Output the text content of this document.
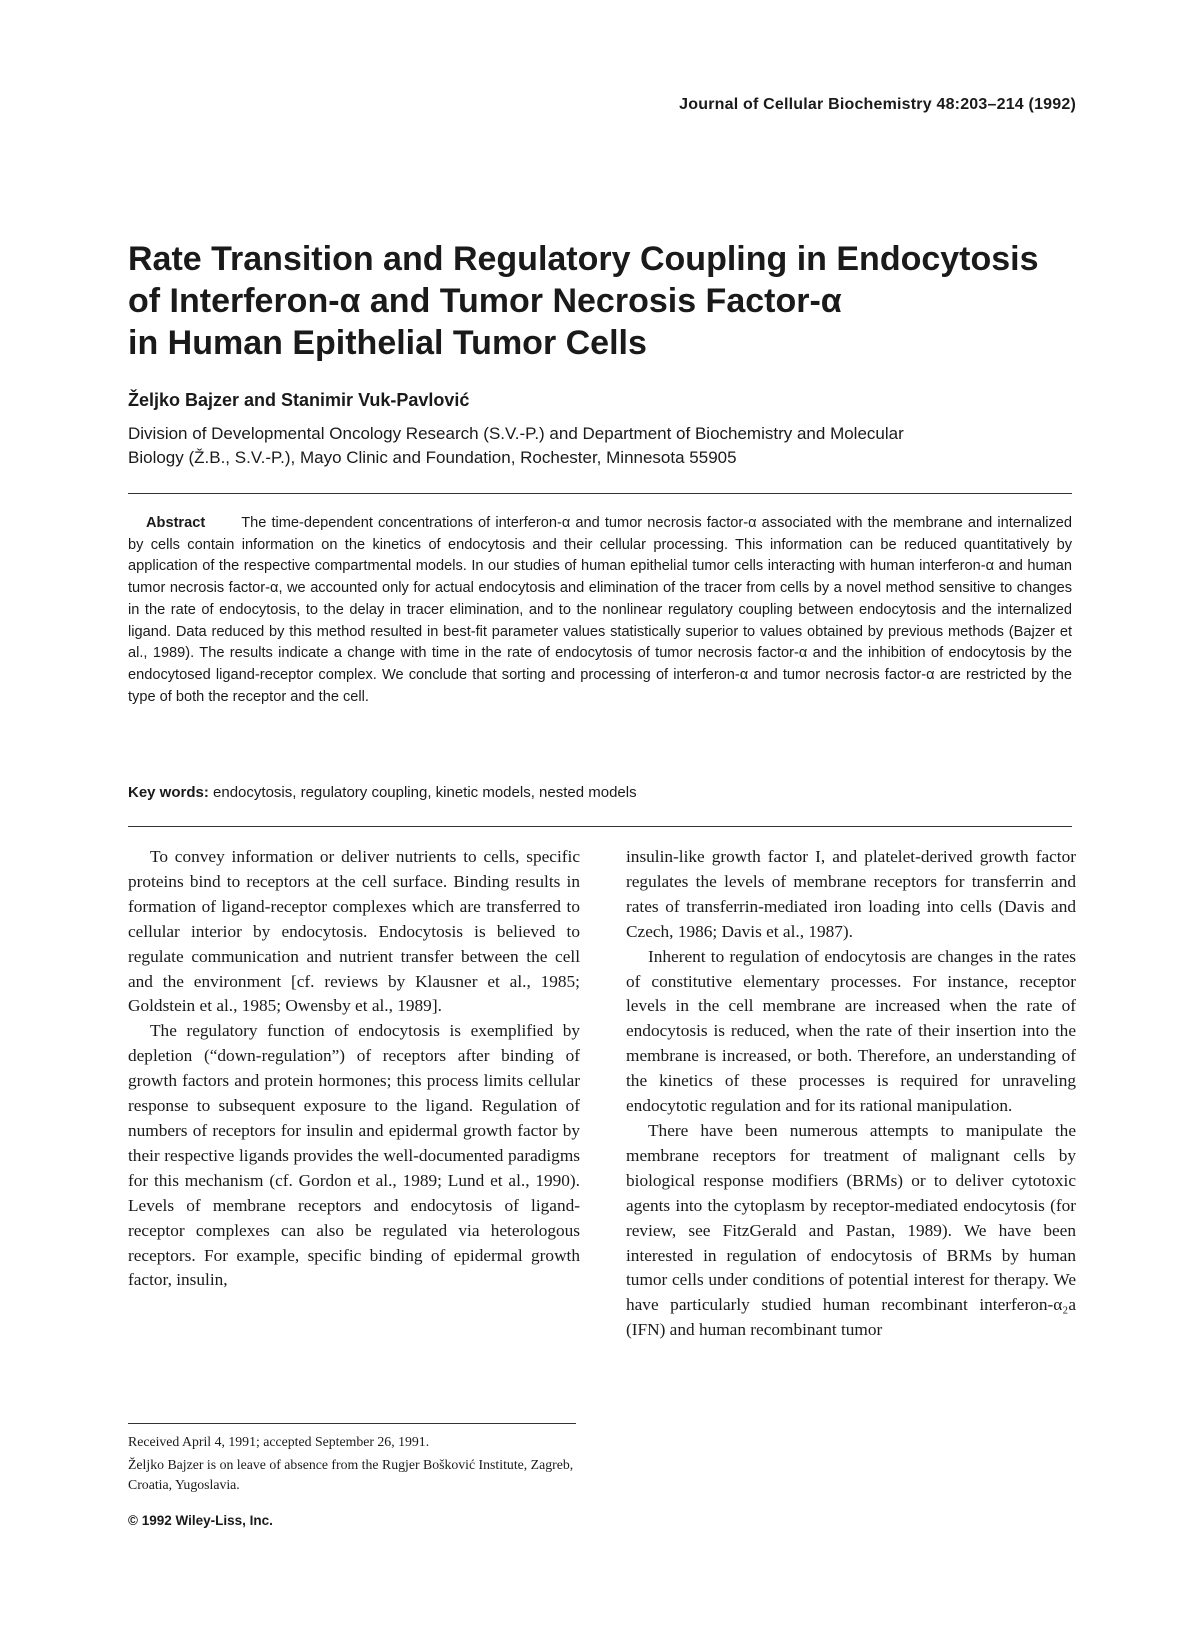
Journal of Cellular Biochemistry 48:203–214 (1992)
Rate Transition and Regulatory Coupling in Endocytosis
of Interferon-α and Tumor Necrosis Factor-α
in Human Epithelial Tumor Cells
Željko Bajzer and Stanimir Vuk-Pavlović
Division of Developmental Oncology Research (S.V.-P.) and Department of Biochemistry and Molecular
Biology (Ž.B., S.V.-P.), Mayo Clinic and Foundation, Rochester, Minnesota 55905

Abstract The time-dependent concentrations of interferon-α and tumor necrosis factor-α associated with the membrane and internalized by cells contain information on the kinetics of endocytosis and their cellular processing. This information can be reduced quantitatively by application of the respective compartmental models. In our studies of human epithelial tumor cells interacting with human interferon-α and human tumor necrosis factor-α, we accounted only for actual endocytosis and elimination of the tracer from cells by a novel method sensitive to changes in the rate of endocytosis, to the delay in tracer elimination, and to the nonlinear regulatory coupling between endocytosis and the internalized ligand. Data reduced by this method resulted in best-fit parameter values statistically superior to values obtained by previous methods (Bajzer et al., 1989). The results indicate a change with time in the rate of endocytosis of tumor necrosis factor-α and the inhibition of endocytosis by the endocytosed ligand-receptor complex. We conclude that sorting and processing of interferon-α and tumor necrosis factor-α are restricted by the type of both the receptor and the cell.

Key words: endocytosis, regulatory coupling, kinetic models, nested models

To convey information or deliver nutrients to cells, specific proteins bind to receptors at the cell surface. Binding results in formation of ligand-receptor complexes which are transferred to cellular interior by endocytosis. Endocytosis is believed to regulate communication and nutrient transfer between the cell and the environment [cf. reviews by Klausner et al., 1985; Goldstein et al., 1985; Owensby et al., 1989].

The regulatory function of endocytosis is exemplified by depletion (“down-regulation”) of receptors after binding of growth factors and protein hormones; this process limits cellular response to subsequent exposure to the ligand. Regulation of numbers of receptors for insulin and epidermal growth factor by their respective ligands provides the well-documented paradigms for this mechanism (cf. Gordon et al., 1989; Lund et al., 1990). Levels of membrane receptors and endocytosis of ligand-receptor complexes can also be regulated via heterologous receptors. For example, specific binding of epidermal growth factor, insulin,

insulin-like growth factor I, and platelet-derived growth factor regulates the levels of membrane receptors for transferrin and rates of transferrin-mediated iron loading into cells (Davis and Czech, 1986; Davis et al., 1987).

Inherent to regulation of endocytosis are changes in the rates of constitutive elementary processes. For instance, receptor levels in the cell membrane are increased when the rate of endocytosis is reduced, when the rate of their insertion into the membrane is increased, or both. Therefore, an understanding of the kinetics of these processes is required for unraveling endocytotic regulation and for its rational manipulation.

There have been numerous attempts to manipulate the membrane receptors for treatment of malignant cells by biological response modifiers (BRMs) or to deliver cytotoxic agents into the cytoplasm by receptor-mediated endocytosis (for review, see FitzGerald and Pastan, 1989). We have been interested in regulation of endocytosis of BRMs by human tumor cells under conditions of potential interest for therapy. We have particularly studied human recombinant interferon-α₂a (IFN) and human recombinant tumor

Received April 4, 1991; accepted September 26, 1991.

Željko Bajzer is on leave of absence from the Rugjer Bošković Institute, Zagreb, Croatia, Yugoslavia.

© 1992 Wiley-Liss, Inc.
